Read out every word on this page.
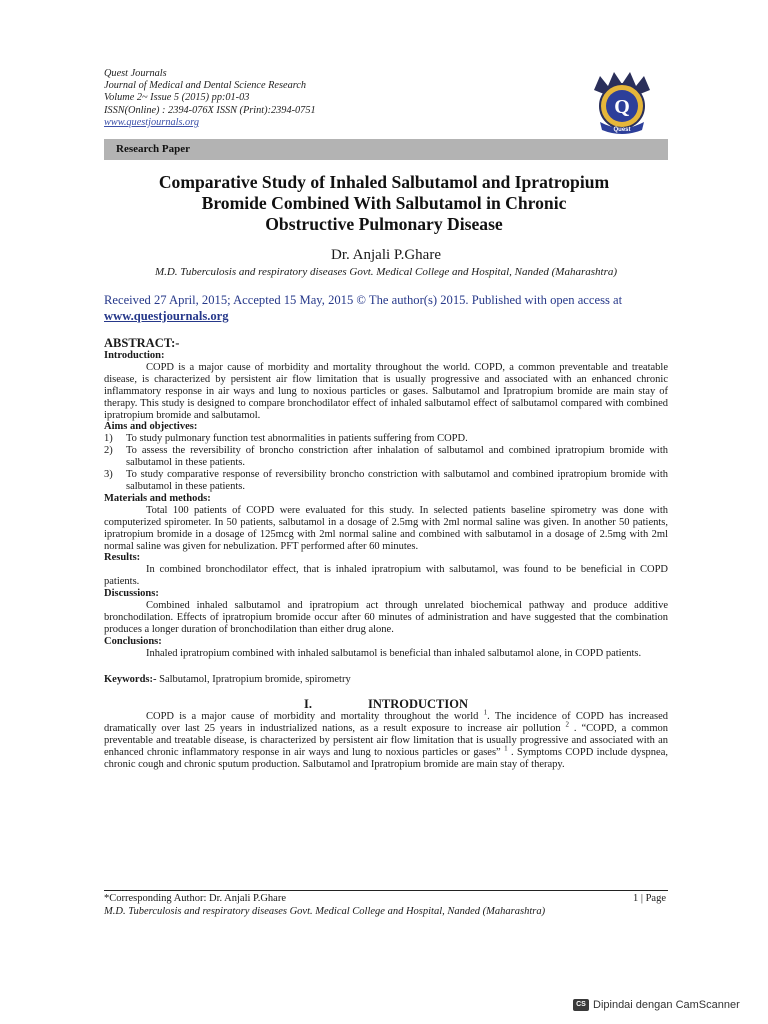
Quest Journals
Journal of Medical and Dental Science Research
Volume 2~ Issue 5 (2015) pp:01-03
ISSN(Online) : 2394-076X ISSN (Print):2394-0751
www.questjournals.org
Q
Quest
Research Paper
Comparative Study of Inhaled Salbutamol and Ipratropium
Bromide Combined With Salbutamol in Chronic
Obstructive Pulmonary Disease
Dr. Anjali P.Ghare
M.D. Tuberculosis and respiratory diseases Govt. Medical College and Hospital, Nanded (Maharashtra)
Received 27 April, 2015; Accepted 15 May, 2015 © The author(s) 2015. Published with open access at www.questjournals.org

ABSTRACT:-

Introduction:

COPD is a major cause of morbidity and mortality throughout the world. COPD, a common preventable and treatable disease, is characterized by persistent air flow limitation that is usually progressive and associated with an enhanced chronic inflammatory response in air ways and lung to noxious particles or gases. Salbutamol and Ipratropium bromide are main stay of therapy. This study is designed to compare bronchodilator effect of inhaled salbutamol effect of salbutamol compared with combined ipratropium bromide and salbutamol.

Aims and objectives:

1) To study pulmonary function test abnormalities in patients suffering from COPD.
2) To assess the reversibility of broncho constriction after inhalation of salbutamol and combined ipratropium bromide with salbutamol in these patients.
3) To study comparative response of reversibility broncho constriction with salbutamol and combined ipratropium bromide with salbutamol in these patients.

Materials and methods:

Total 100 patients of COPD were evaluated for this study. In selected patients baseline spirometry was done with computerized spirometer. In 50 patients, salbutamol in a dosage of 2.5mg with 2ml normal saline was given. In another 50 patients, ipratropium bromide in a dosage of 125mcg with 2ml normal saline and combined with salbutamol in a dosage of 2.5mg with 2ml normal saline was given for nebulization. PFT performed after 60 minutes.

Results:

In combined bronchodilator effect, that is inhaled ipratropium with salbutamol, was found to be beneficial in COPD patients.

Discussions:

Combined inhaled salbutamol and ipratropium act through unrelated biochemical pathway and produce additive bronchodilation. Effects of ipratropium bromide occur after 60 minutes of administration and have suggested that the combination produces a longer duration of bronchodilation than either drug alone.

Conclusions:

Inhaled ipratropium combined with inhaled salbutamol is beneficial than inhaled salbutamol alone, in COPD patients.

Keywords:- Salbutamol, Ipratropium bromide, spirometry

I.	INTRODUCTION

COPD is a major cause of morbidity and mortality throughout the world $^1$. The incidence of COPD has increased dramatically over last 25 years in industrialized nations, as a result exposure to increase air pollution $^2$ . “COPD, a common preventable and treatable disease, is characterized by persistent air flow limitation that is usually progressive and associated with an enhanced chronic inflammatory response in air ways and lung to noxious particles or gases” $^1$ . Symptoms COPD include dyspnea, chronic cough and chronic sputum production. Salbutamol and Ipratropium bromide are main stay of therapy.

*Corresponding Author: Dr. Anjali P.Ghare	1 | Page
M.D. Tuberculosis and respiratory diseases Govt. Medical College and Hospital, Nanded (Maharashtra)
CS Dipindai dengan CamScanner
